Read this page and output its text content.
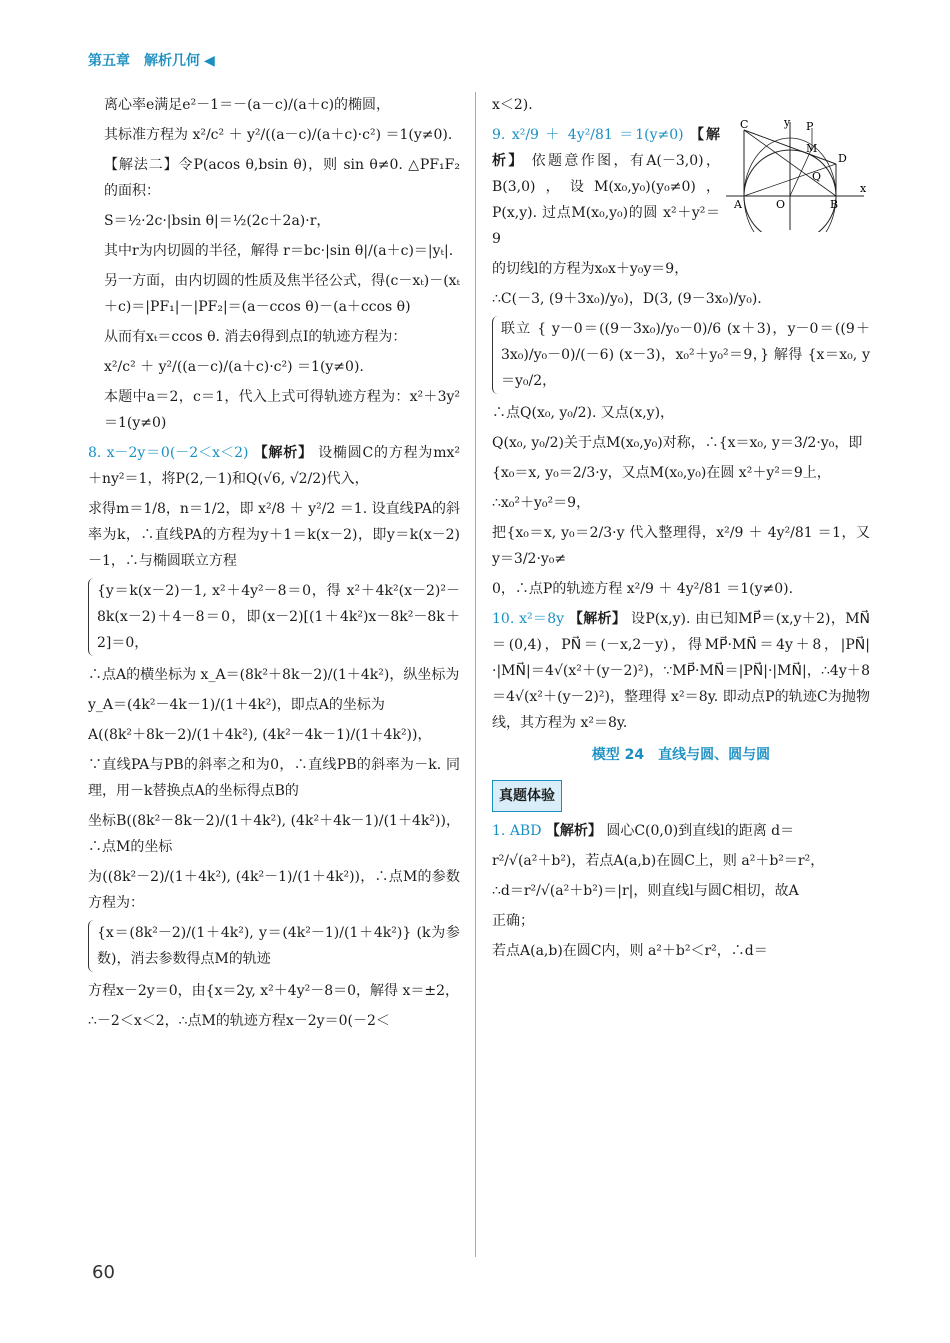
第五章　解析几何 ◀

离心率e满足e²－1＝－(a－c)/(a＋c)的椭圆，

其标准方程为 x²/c² ＋ y²/((a－c)/(a＋c)·c²) ＝1(y≠0).

【解法二】令P(acos θ,bsin θ)，则 sin θ≠0. △PF₁F₂的面积：

S＝½·2c·|bsin θ|＝½(2c＋2a)·r，

其中r为内切圆的半径，解得 r＝bc·|sin θ|/(a＋c)＝|yₜ|.

另一方面，由内切圆的性质及焦半径公式，得(c－xₜ)－(xₜ＋c)＝|PF₁|－|PF₂|＝(a－ccos θ)－(a＋ccos θ)

从而有xₜ＝ccos θ. 消去θ得到点I的轨迹方程为：

x²/c² ＋ y²/((a－c)/(a＋c)·c²) ＝1(y≠0).

本题中a＝2，c＝1，代入上式可得轨迹方程为：x²＋3y²＝1(y≠0)

8. x－2y＝0(－2＜x＜2) 【解析】 设椭圆C的方程为mx²＋ny²＝1，将P(2,－1)和Q(√6, √2/2)代入，

求得m＝1/8，n＝1/2，即 x²/8 ＋ y²/2 ＝1. 设直线PA的斜率为k，∴直线PA的方程为y＋1＝k(x－2)，即y＝k(x－2)－1，∴与椭圆联立方程

{y＝k(x－2)－1, x²＋4y²－8＝0，得 x²＋4k²(x－2)²－8k(x－2)＋4－8＝0，即(x－2)[(1＋4k²)x－8k²－8k＋2]＝0，

∴点A的横坐标为 x_A＝(8k²＋8k－2)/(1＋4k²)，纵坐标为

y_A＝(4k²－4k－1)/(1＋4k²)，即点A的坐标为

A((8k²＋8k－2)/(1＋4k²), (4k²－4k－1)/(1＋4k²))，

∵直线PA与PB的斜率之和为0，∴直线PB的斜率为－k. 同理，用－k替换点A的坐标得点B的

坐标B((8k²－8k－2)/(1＋4k²), (4k²＋4k－1)/(1＋4k²))，∴点M的坐标

为((8k²－2)/(1＋4k²), (4k²－1)/(1＋4k²))，∴点M的参数方程为：

{x＝(8k²－2)/(1＋4k²), y＝(4k²－1)/(1＋4k²)} (k为参数)，消去参数得点M的轨迹

方程x－2y＝0，由{x＝2y, x²＋4y²－8＝0，解得 x＝±2，

∴－2＜x＜2，∴点M的轨迹方程x－2y＝0(－2＜

x＜2).

9. x²/9 ＋ 4y²/81 ＝1(y≠0) 【解析】 依题意作图，有A(－3,0)，B(3,0)，设M(x₀,y₀)(y₀≠0)，P(x,y). 过点M(x₀,y₀)的圆 x²＋y²＝9

的切线l的方程为x₀x＋y₀y＝9，

∴C(－3, (9＋3x₀)/y₀)，D(3, (9－3x₀)/y₀).

联立 { y－0＝((9－3x₀)/y₀－0)/6 (x＋3)，y－0＝((9＋3x₀)/y₀－0)/(－6) (x－3)，x₀²＋y₀²＝9，} 解得 {x＝x₀, y＝y₀/2，

∴点Q(x₀, y₀/2). 又点(x,y)，

Q(x₀, y₀/2)关于点M(x₀,y₀)对称，∴{x＝x₀, y＝3/2·y₀，即

{x₀＝x, y₀＝2/3·y，又点M(x₀,y₀)在圆 x²＋y²＝9上，

∴x₀²＋y₀²＝9，

把{x₀＝x, y₀＝2/3·y 代入整理得，x²/9 ＋ 4y²/81 ＝1，又 y＝3/2·y₀≠

0，∴点P的轨迹方程 x²/9 ＋ 4y²/81 ＝1(y≠0).

10. x²＝8y 【解析】 设P(x,y). 由已知MP⃗＝(x,y＋2)，MN⃗＝(0,4)，PN⃗＝(－x,2－y)，得MP⃗·MN⃗＝4y＋8，|PN⃗|·|MN⃗|＝4√(x²＋(y－2)²)，∵MP⃗·MN⃗＝|PN⃗|·|MN⃗|，∴4y＋8＝4√(x²＋(y－2)²)，整理得 x²＝8y. 即动点P的轨迹C为抛物线，其方程为 x²＝8y.

模型 24　直线与圆、圆与圆
真题体验

1. ABD 【解析】 圆心C(0,0)到直线l的距离 d＝

r²/√(a²＋b²)，若点A(a,b)在圆C上，则 a²＋b²＝r²，

∴d＝r²/√(a²＋b²)＝|r|，则直线l与圆C相切，故A

正确；

若点A(a,b)在圆C内，则 a²＋b²＜r²，∴d＝

C	y P
M
D
Q
A	O	B
x
60
